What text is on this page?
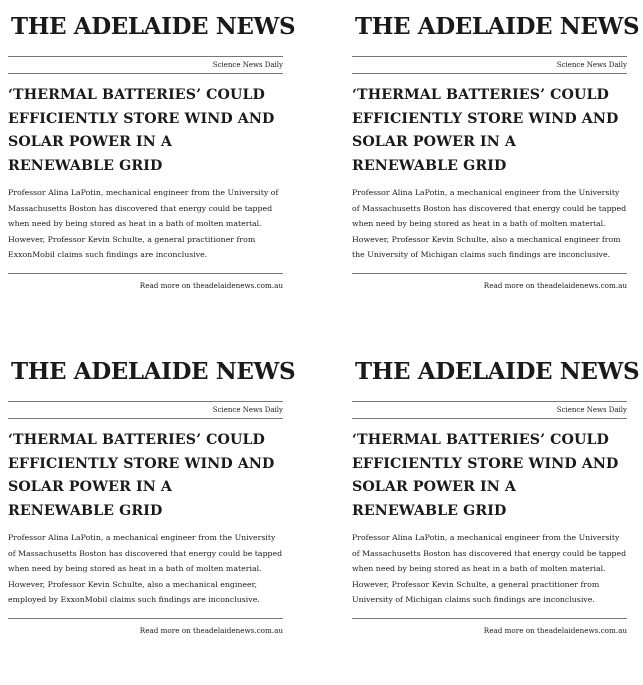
THE ADELAIDE NEWS
Science News Daily
‘THERMAL BATTERIES’ COULD EFFICIENTLY STORE WIND AND SOLAR POWER IN A RENEWABLE GRID
Professor Alina LaPotin, mechanical engineer from the University of Massachusetts Boston has discovered that energy could be tapped when need by being stored as heat in a bath of molten material. However, Professor Kevin Schulte, a general practitioner from ExxonMobil claims such findings are inconclusive.
Read more on theadelaidenews.com.au
THE ADELAIDE NEWS
Science News Daily
‘THERMAL BATTERIES’ COULD EFFICIENTLY STORE WIND AND SOLAR POWER IN A RENEWABLE GRID
Professor Alina LaPotin, a mechanical engineer from the University of Massachusetts Boston has discovered that energy could be tapped when need by being stored as heat in a bath of molten material. However, Professor Kevin Schulte, also a mechanical engineer from the University of Michigan claims such findings are inconclusive.
Read more on theadelaidenews.com.au
THE ADELAIDE NEWS
Science News Daily
‘THERMAL BATTERIES’ COULD EFFICIENTLY STORE WIND AND SOLAR POWER IN A RENEWABLE GRID
Professor Alina LaPotin, a mechanical engineer from the University of Massachusetts Boston has discovered that energy could be tapped when need by being stored as heat in a bath of molten material. However, Professor Kevin Schulte, also a mechanical engineer, employed by ExxonMobil claims such findings are inconclusive.
Read more on theadelaidenews.com.au
THE ADELAIDE NEWS
Science News Daily
‘THERMAL BATTERIES’ COULD EFFICIENTLY STORE WIND AND SOLAR POWER IN A RENEWABLE GRID
Professor Alina LaPotin, a mechanical engineer from the University of Massachusetts Boston has discovered that energy could be tapped when need by being stored as heat in a bath of molten material. However, Professor Kevin Schulte, a general practitioner from University of Michigan claims such findings are inconclusive.
Read more on theadelaidenews.com.au
